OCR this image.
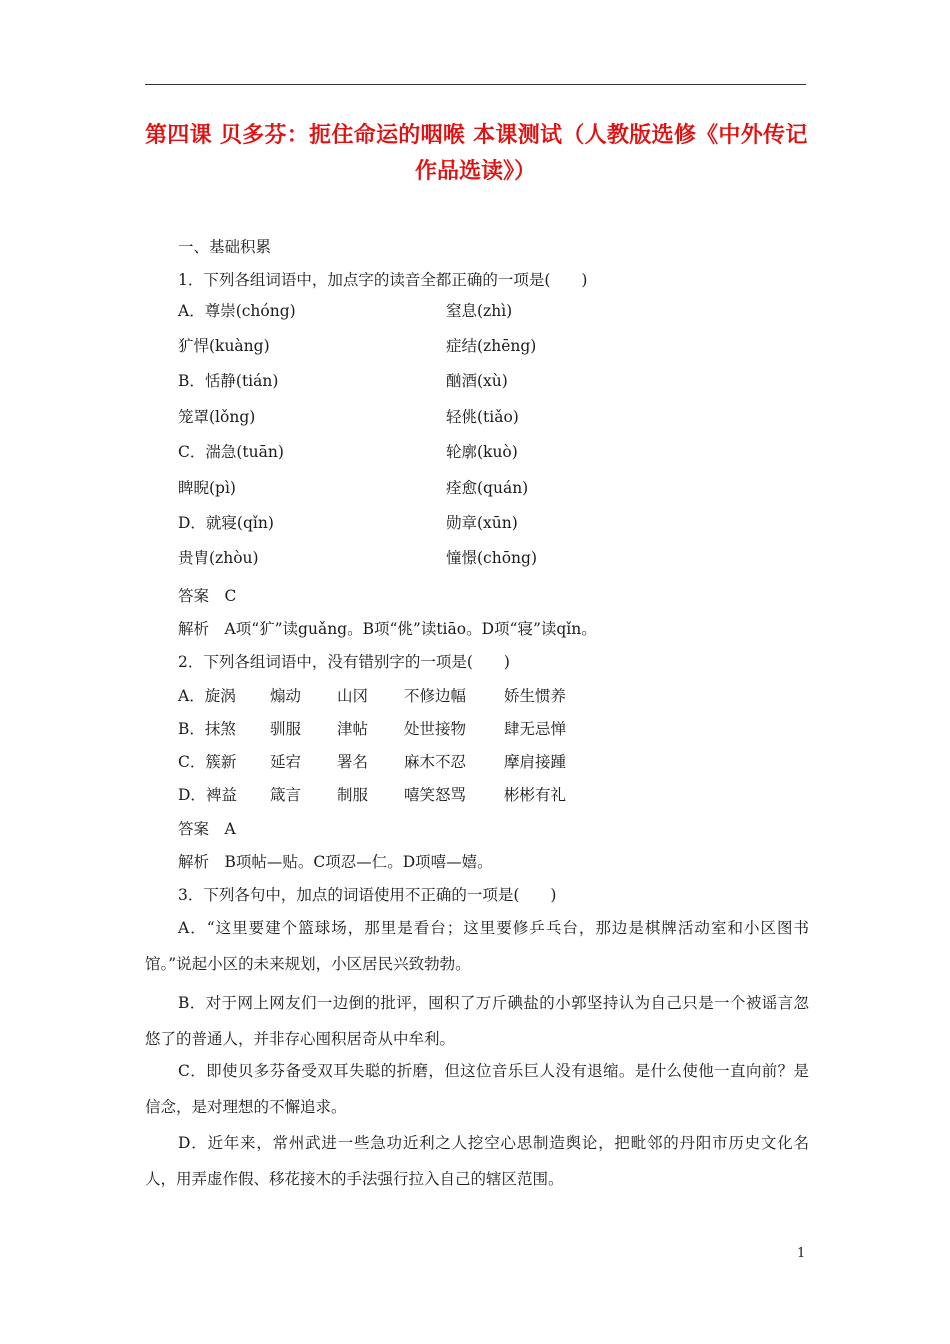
第四课 贝多芬：扼住命运的咽喉 本课测试（人教版选修《中外传记
作品选读》）
一、基础积累
1．下列各组词语中，加点字的读音全都正确的一项是(　　)
A．尊崇(chóng)	窒息(zhì)
犷悍(kuàng)	症结(zhēng)
B．恬静(tián)	酗酒(xù)
笼罩(lǒng)	轻佻(tiǎo)
C．湍急(tuān)	轮廓(kuò)
睥睨(pì)	痊愈(quán)
D．就寝(qǐn)	勋章(xūn)
贵胄(zhòu)	憧憬(chōng)
答案　C
解析　A项“犷”读guǎng。B项“佻”读tiāo。D项“寝”读qǐn。
2．下列各组词语中，没有错别字的一项是(　　)
A．旋涡 煽动 山冈 不修边幅 娇生惯养
B．抹煞 驯服 津帖 处世接物 肆无忌惮
C．簇新 延宕 署名 麻木不忍 摩肩接踵
D．裨益 箴言 制服 嘻笑怒骂 彬彬有礼
答案　A
解析　B项帖—贴。C项忍—仁。D项嘻—嬉。
3．下列各句中，加点的词语使用不正确的一项是(　　)
A．“这里要建个篮球场，那里是看台；这里要修乒乓台，那边是棋牌活动室和小区图书馆。”说起小区的未来规划，小区居民兴致勃勃。
B．对于网上网友们一边倒的批评，囤积了万斤碘盐的小郭坚持认为自己只是一个被谣言忽悠了的普通人，并非存心囤积居奇从中牟利。
C．即使贝多芬备受双耳失聪的折磨，但这位音乐巨人没有退缩。是什么使他一直向前？是信念，是对理想的不懈追求。
D．近年来，常州武进一些急功近利之人挖空心思制造舆论，把毗邻的丹阳市历史文化名人，用弄虚作假、移花接木的手法强行拉入自己的辖区范围。
1
